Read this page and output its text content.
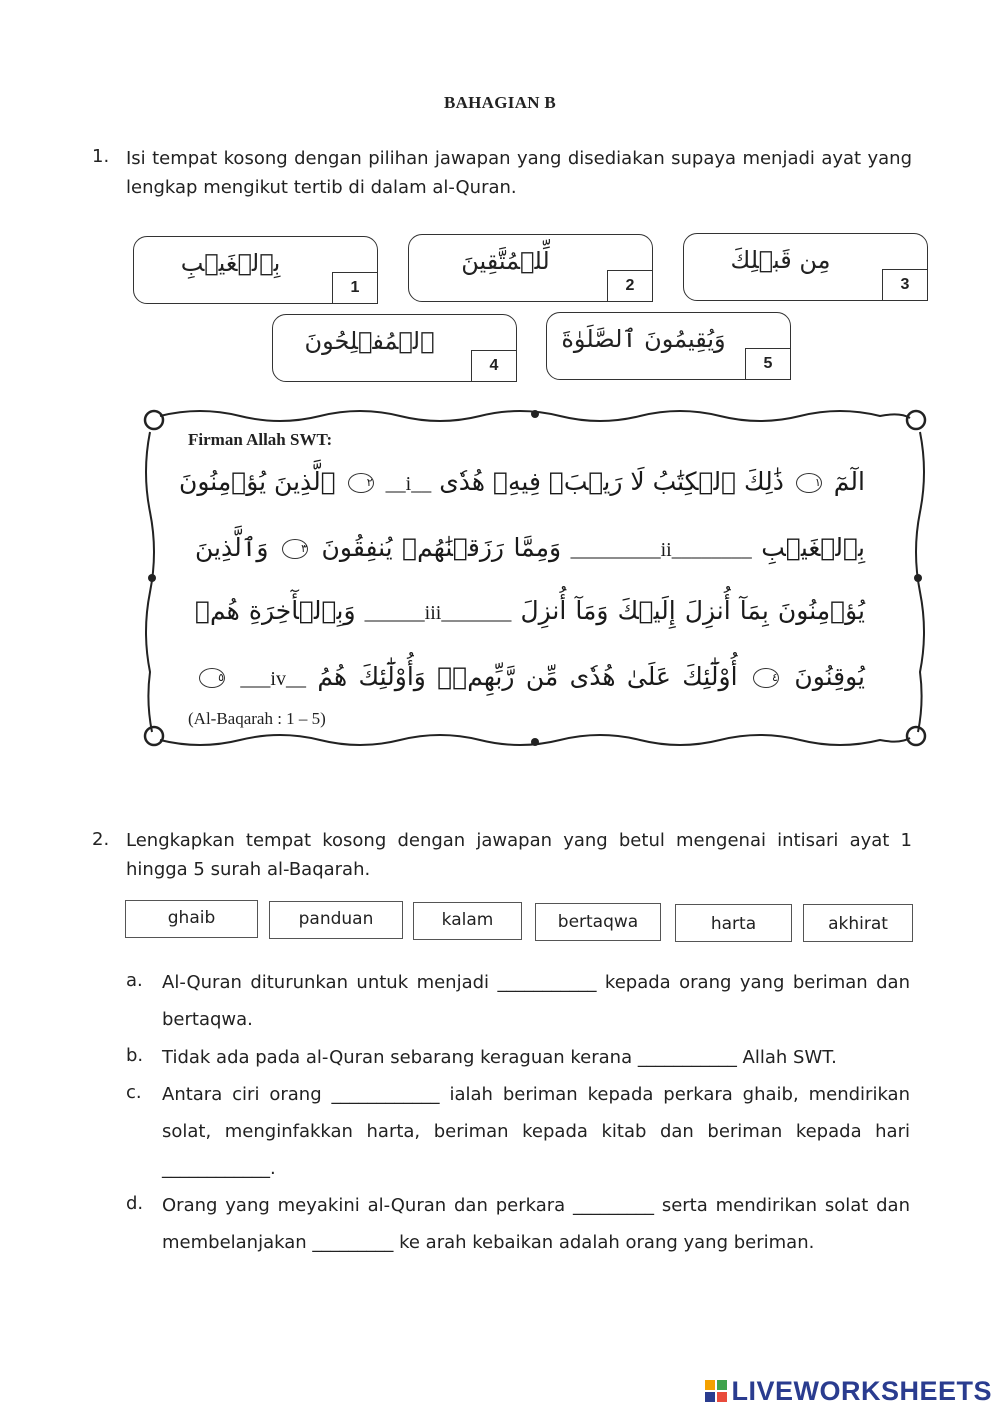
BAHAGIAN B
1. Isi tempat kosong dengan pilihan jawapan yang disediakan supaya menjadi ayat yang lengkap mengikut tertib di dalam al-Quran.
بِٱلۡغَيۡبِ
1
لِّلۡمُتَّقِينَ
2
مِن قَبۡلِكَ
3
ٱلۡمُفۡلِحُونَ
4
وَيُقِيمُونَ ٱلصَّلَوٰةَ
5
Firman Allah SWT:
الٓمٓ ١ ذَٰلِكَ ٱلۡكِتَٰبُ لَا رَيۡبَۛ فِيهِۛ هُدٗى __i__ ٢ ٱلَّذِينَ يُؤۡمِنُونَ
بِٱلۡغَيۡبِ _________ii________ وَمِمَّا رَزَقۡنَٰهُمۡ يُنفِقُونَ ٣ وَٱلَّذِينَ
يُؤۡمِنُونَ بِمَآ أُنزِلَ إِلَيۡكَ وَمَآ أُنزِلَ ______iii_______ وَبِٱلۡأٓخِرَةِ هُمۡ
يُوقِنُونَ ٤ أُوْلَٰٓئِكَ عَلَىٰ هُدٗى مِّن رَّبِّهِمۡۖ وَأُوْلَٰٓئِكَ هُمُ ___iv__ ٥
(Al-Baqarah : 1 – 5)
2. Lengkapkan tempat kosong dengan jawapan yang betul mengenai intisari ayat 1 hingga 5 surah al-Baqarah.
ghaib	panduan	kalam	bertaqwa	harta	akhirat
a. Al-Quran diturunkan untuk menjadi ___________ kepada orang yang beriman dan bertaqwa.
b. Tidak ada pada al-Quran sebarang keraguan kerana ___________ Allah SWT.
c. Antara ciri orang ____________ ialah beriman kepada perkara ghaib, mendirikan solat, menginfakkan harta, beriman kepada kitab dan beriman kepada hari ____________.
d. Orang yang meyakini al-Quran dan perkara _________ serta mendirikan solat dan membelanjakan _________ ke arah kebaikan adalah orang yang beriman.
LIVEWORKSHEETS
